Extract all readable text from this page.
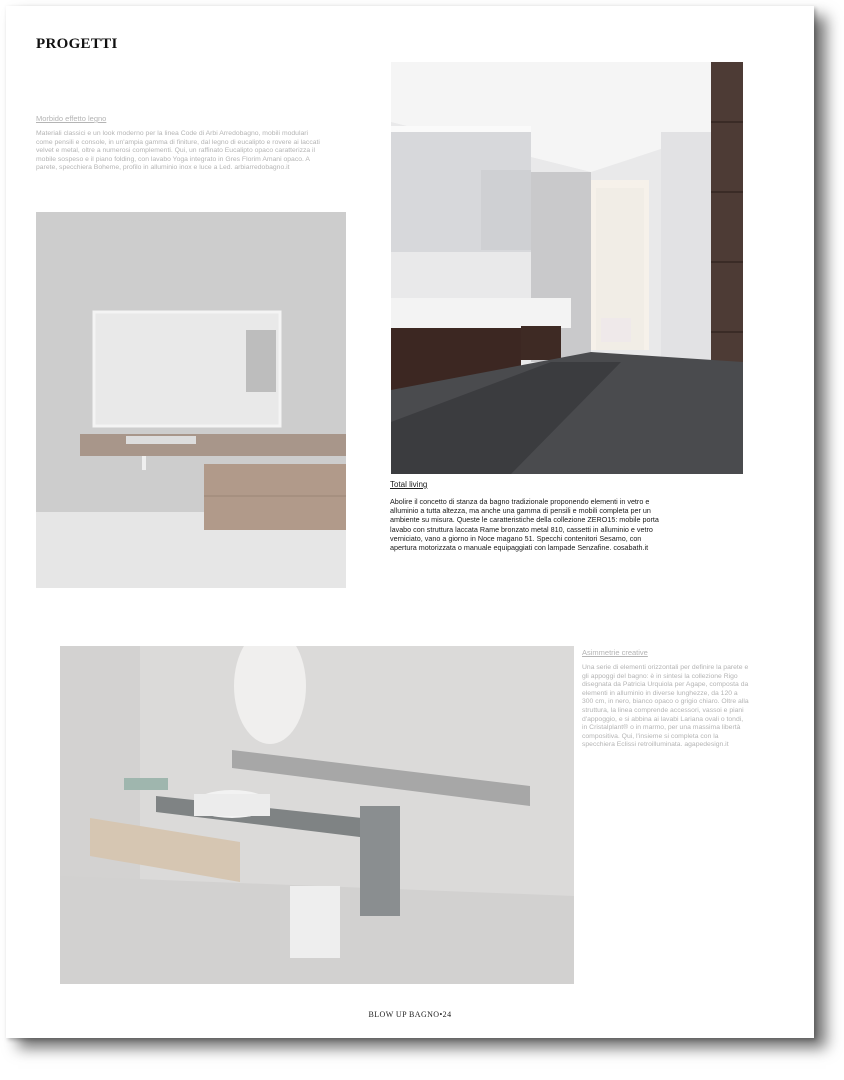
PROGETTI
Morbido effetto legno
Materiali classici e un look moderno per la linea Code di Arbi Arredobagno, mobili modulari come pensili e console, in un'ampia gamma di finiture, dal legno di eucalipto e rovere ai laccati velvet e metal, oltre a numerosi complementi. Qui, un raffinato Eucalipto opaco caratterizza il mobile sospeso e il piano folding, con lavabo Yoga integrato in Gres Florim Amani opaco. A parete, specchiera Boheme, profilo in alluminio inox e luce a Led. arbiarredobagno.it
Total living
Abolire il concetto di stanza da bagno tradizionale proponendo elementi in vetro e alluminio a tutta altezza, ma anche una gamma di pensili e mobili completa per un ambiente su misura. Queste le caratteristiche della collezione ZERO15: mobile porta lavabo con struttura laccata Rame bronzato metal 810, cassetti in alluminio e vetro verniciato, vano a giorno in Noce magano 51. Specchi contenitori Sesamo, con apertura motorizzata o manuale equipaggiati con lampade Senzafine. cosabath.it
Asimmetrie creative
Una serie di elementi orizzontali per definire la parete e gli appoggi del bagno: è in sintesi la collezione Rigo disegnata da Patricia Urquiola per Agape, composta da elementi in alluminio in diverse lunghezze, da 120 a 300 cm, in nero, bianco opaco o grigio chiaro. Oltre alla struttura, la linea comprende accessori, vassoi e piani d'appoggio, e si abbina ai lavabi Lariana ovali o tondi, in Cristalplant® o in marmo, per una massima libertà compositiva. Qui, l'insieme si completa con la specchiera Eclissi retroilluminata. agapedesign.it
BLOW UP BAGNO•24
